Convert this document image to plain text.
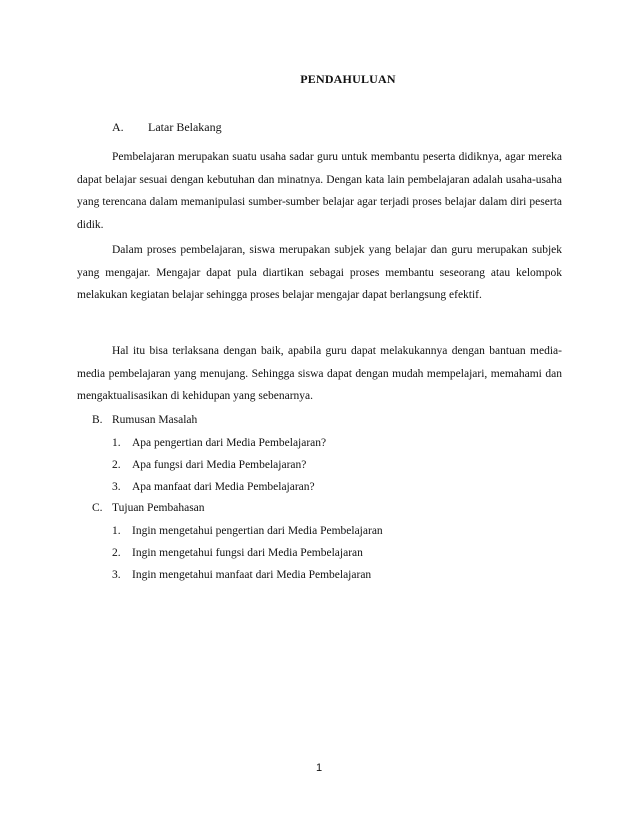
PENDAHULUAN
A. Latar Belakang

Pembelajaran merupakan suatu usaha sadar guru untuk membantu peserta didiknya, agar mereka dapat belajar sesuai dengan kebutuhan dan minatnya. Dengan kata lain pembelajaran adalah usaha-usaha yang terencana dalam memanipulasi sumber-sumber belajar agar terjadi proses belajar dalam diri peserta didik.

Dalam proses pembelajaran, siswa merupakan subjek yang belajar dan guru merupakan subjek yang mengajar. Mengajar dapat pula diartikan sebagai proses membantu seseorang atau kelompok melakukan kegiatan belajar sehingga proses belajar mengajar dapat berlangsung efektif.

Hal itu bisa terlaksana dengan baik, apabila guru dapat melakukannya dengan bantuan media-media pembelajaran yang menujang. Sehingga siswa dapat dengan mudah mempelajari, memahami dan mengaktualisasikan di kehidupan yang sebenarnya.

B. Rumusan Masalah
1. Apa pengertian dari Media Pembelajaran?
2. Apa fungsi dari Media Pembelajaran?
3. Apa manfaat dari Media Pembelajaran?
C. Tujuan Pembahasan
1. Ingin mengetahui pengertian dari Media Pembelajaran
2. Ingin mengetahui fungsi dari Media Pembelajaran
3. Ingin mengetahui manfaat dari Media Pembelajaran
1
